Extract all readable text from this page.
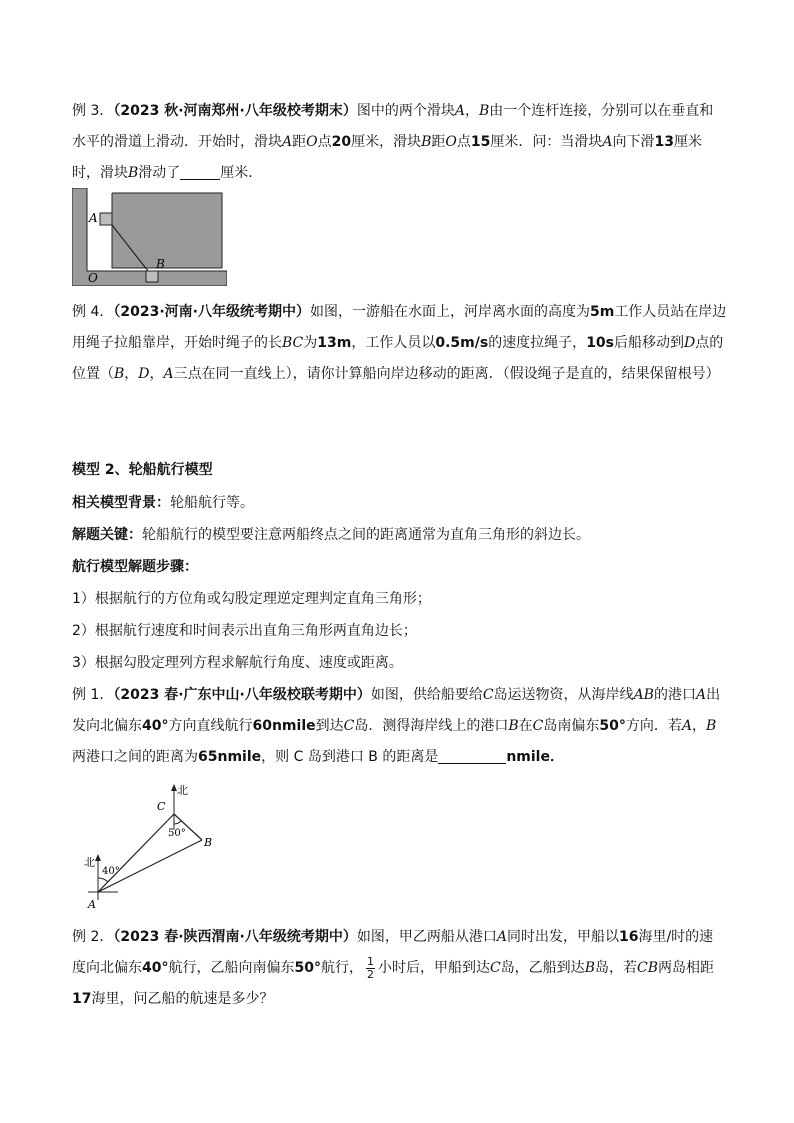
例 3．（2023 秋·河南郑州·八年级校考期末）图中的两个滑块A，B由一个连杆连接，分别可以在垂直和水平的滑道上滑动．开始时，滑块A距O点20厘米，滑块B距O点15厘米．问：当滑块A向下滑13厘米时，滑块B滑动了	厘米．

A
B
O

例 4．（2023·河南·八年级统考期中）如图，一游船在水面上，河岸离水面的高度为5m工作人员站在岸边用绳子拉船靠岸，开始时绳子的长BC为13m，工作人员以0.5m/s的速度拉绳子，10s后船移动到D点的位置（B，D，A三点在同一直线上），请你计算船向岸边移动的距离．（假设绳子是直的，结果保留根号）

模型 2、轮船航行模型

相关模型背景：轮船航行等。

解题关键：轮船航行的模型要注意两船终点之间的距离通常为直角三角形的斜边长。

航行模型解题步骤：

1）根据航行的方位角或勾股定理逆定理判定直角三角形；

2）根据航行速度和时间表示出直角三角形两直角边长；

3）根据勾股定理列方程求解航行角度、速度或距离。

例 1．（2023 春·广东中山·八年级校联考期中）如图，供给船要给C岛运送物资，从海岸线AB的港口A出发向北偏东40°方向直线航行60nmile到达C岛．测得海岸线上的港口B在C岛南偏东50°方向．若A，B两港口之间的距离为65nmile，则 C 岛到港口 B 的距离是	nmile．

北
北
C
B
A
50°
40°

例 2．（2023 春·陕西渭南·八年级统考期中）如图，甲乙两船从港口A同时出发，甲船以16海里/时的速度向北偏东40°航行，乙船向南偏东50°航行， $\frac{1}{2}$ 小时后，甲船到达C岛，乙船到达B岛，若CB两岛相距17海里，问乙船的航速是多少？
